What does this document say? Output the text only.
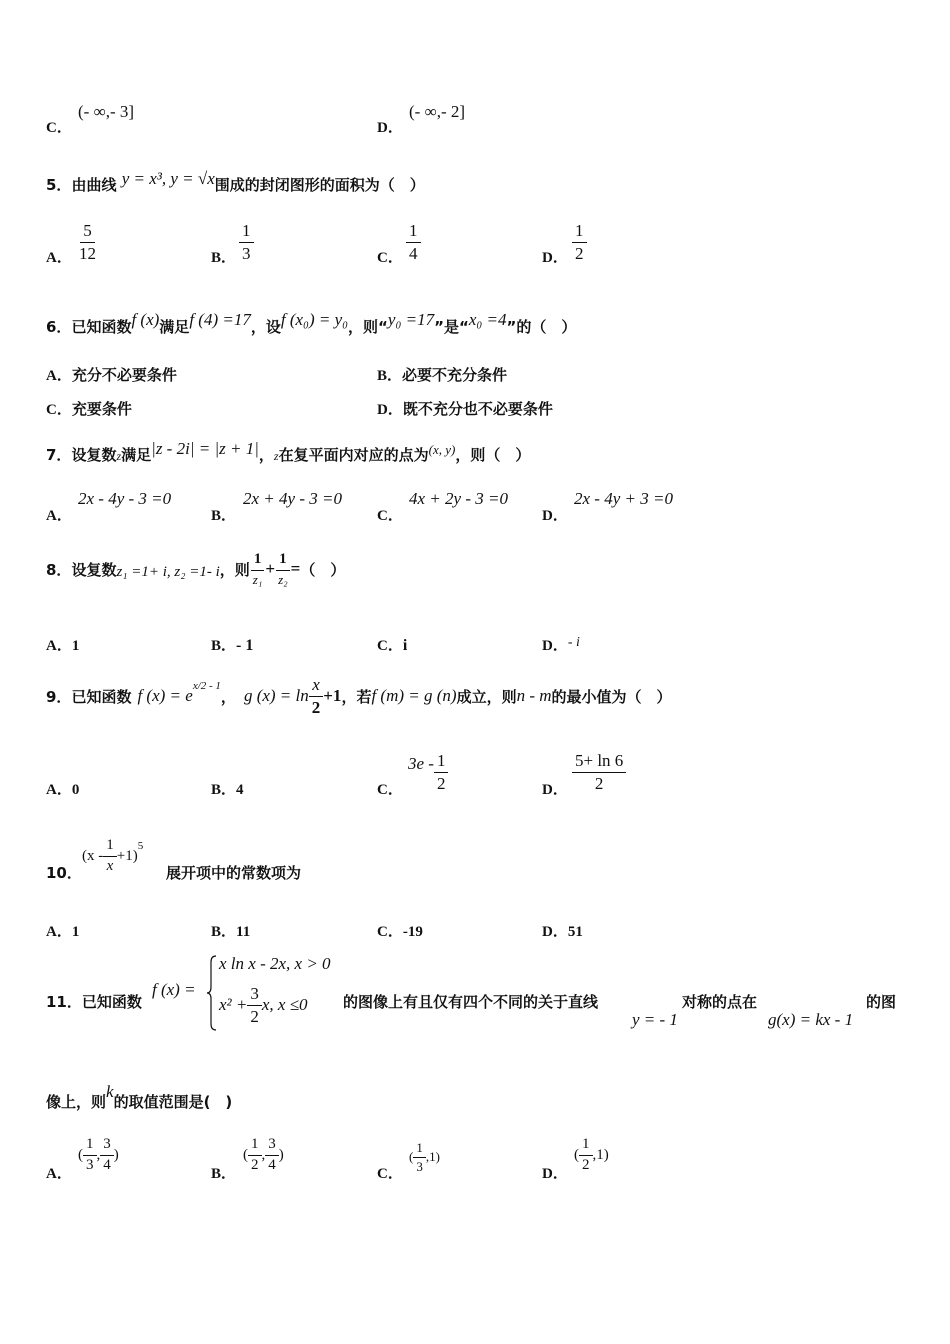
C．
(- ∞,- 3]
D．
(- ∞,- 2]
5．由曲线 y = x³, y = √x围成的封闭图形的面积为（　）
A． $\frac{5}{12}$	B． $\frac{1}{3}$	C． $\frac{1}{4}$	D． $\frac{1}{2}$
6．已知函数f (x)满足f (4) =17，设f (x₀) = y₀，则“y₀ =17”是“x₀ =4”的（　）
A．充分不必要条件	B．必要不充分条件
C．充要条件	D．既不充分也不必要条件
7．设复数z满足|z - 2i| = |z + 1|，z在复平面内对应的点为(x, y)，则（　）
A．
2x - 4y - 3 =0
B．
2x + 4y - 3 =0
C．
4x + 2y - 3 =0
D．
2x - 4y + 3 =0
8． 设复数 z₁ =1+ i, z₂ =1- i ，则 $\frac{1}{\text{z₁}} + \frac{1}{\text{z₂}}$ = （　）
A．1	B．- 1	C．i	D．- i
9． 已知函数 f (x) = e x/2 - 1
， g $(x) = \ln \frac{x}{2} +1$ ，若 f (m) = g (n) 成立，则 n - m 的最小值为（　）
A．0	B．4	C．
$3e - \frac{1}{2}$	D． $\frac{5+ \ln 6}{2}$
10．
$(x - \frac{1}{x} +1)$
5
展开项中的常数项为
A．1	B．11	C．-19	D．51
11．已知函数
f (x) =
x ln x - 2x, x > 0
$x^2 + \frac{3}{2} x$, x ≤0 的图像上有且仅有四个不同的关于直线
y = - 1
对称的点在
g(x) = kx - 1
的图
像上，则k的取值范围是(　)
A．
( $\frac{1}{3}$ , $\frac{3}{4}$ )
B．
( $\frac{1}{2}$ , $\frac{3}{4}$ )
C．
( $\frac{1}{3}$ , 1 )
D．
( $\frac{1}{2}$ , 1 )
